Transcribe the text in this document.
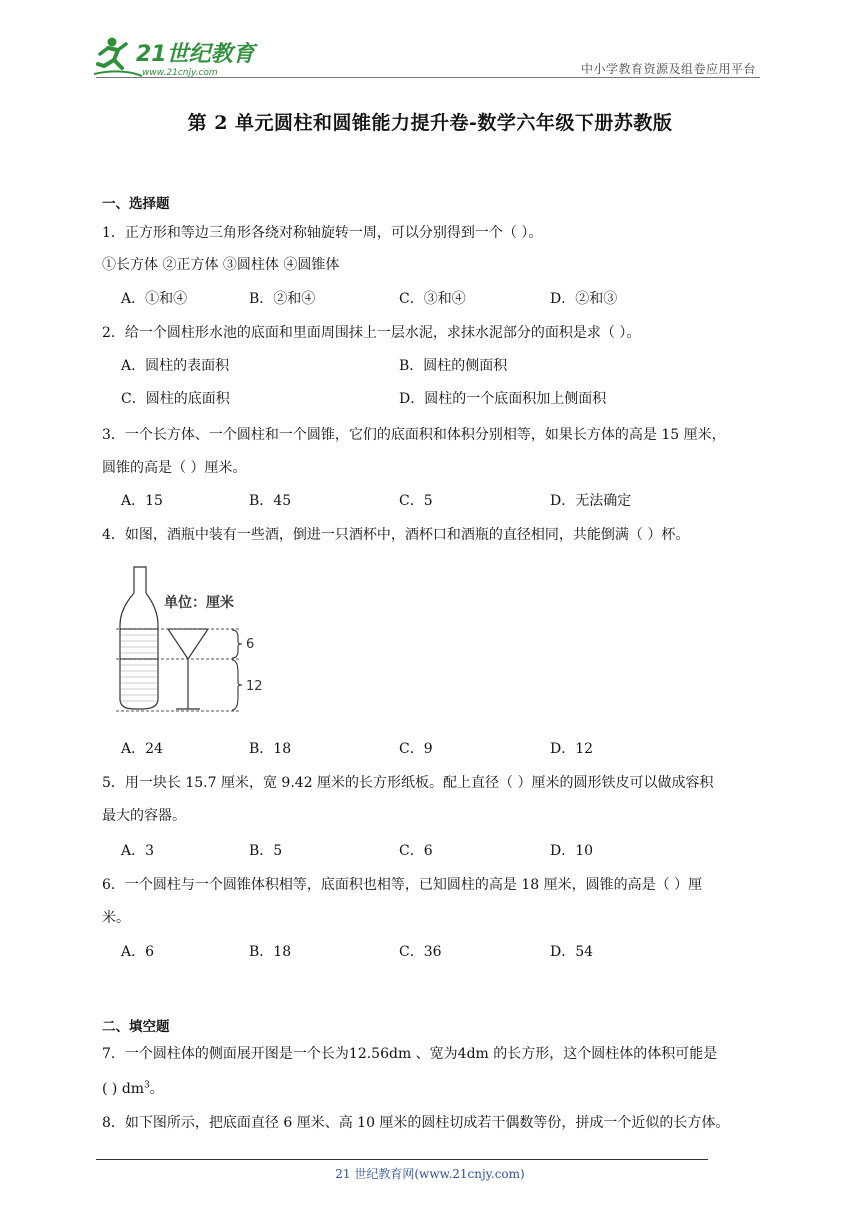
21世纪教育
www.21cnjy.com	中小学教育资源及组卷应用平台
第 2 单元圆柱和圆锥能力提升卷-数学六年级下册苏教版
一、选择题
1．正方形和等边三角形各绕对称轴旋转一周，可以分别得到一个（ ）。
①长方体 ②正方体 ③圆柱体 ④圆锥体
A．①和④	B．②和④	C．③和④	D．②和③
2．给一个圆柱形水池的底面和里面周围抹上一层水泥，求抹水泥部分的面积是求（ ）。
A．圆柱的表面积	B．圆柱的侧面积
C．圆柱的底面积	D．圆柱的一个底面积加上侧面积
3．一个长方体、一个圆柱和一个圆锥，它们的底面积和体积分别相等，如果长方体的高是 15 厘米，
圆锥的高是（ ）厘米。
A．15	B．45	C．5	D．无法确定
4．如图，酒瓶中装有一些酒，倒进一只酒杯中，酒杯口和酒瓶的直径相同，共能倒满（ ）杯。
单位：厘米
6
12
A．24	B．18	C．9	D．12
5．用一块长 15.7 厘米，宽 9.42 厘米的长方形纸板。配上直径（ ）厘米的圆形铁皮可以做成容积
最大的容器。
A．3	B．5	C．6	D．10
6．一个圆柱与一个圆锥体积相等，底面积也相等，已知圆柱的高是 18 厘米，圆锥的高是（ ）厘
米。
A．6	B．18	C．36	D．54
二、填空题
7．一个圆柱体的侧面展开图是一个长为12.56dm 、宽为4dm 的长方形，这个圆柱体的体积可能是
( ) $dm^3$。
8．如下图所示，把底面直径 6 厘米、高 10 厘米的圆柱切成若干偶数等份，拼成一个近似的长方体。
21 世纪教育网(www.21cnjy.com)
